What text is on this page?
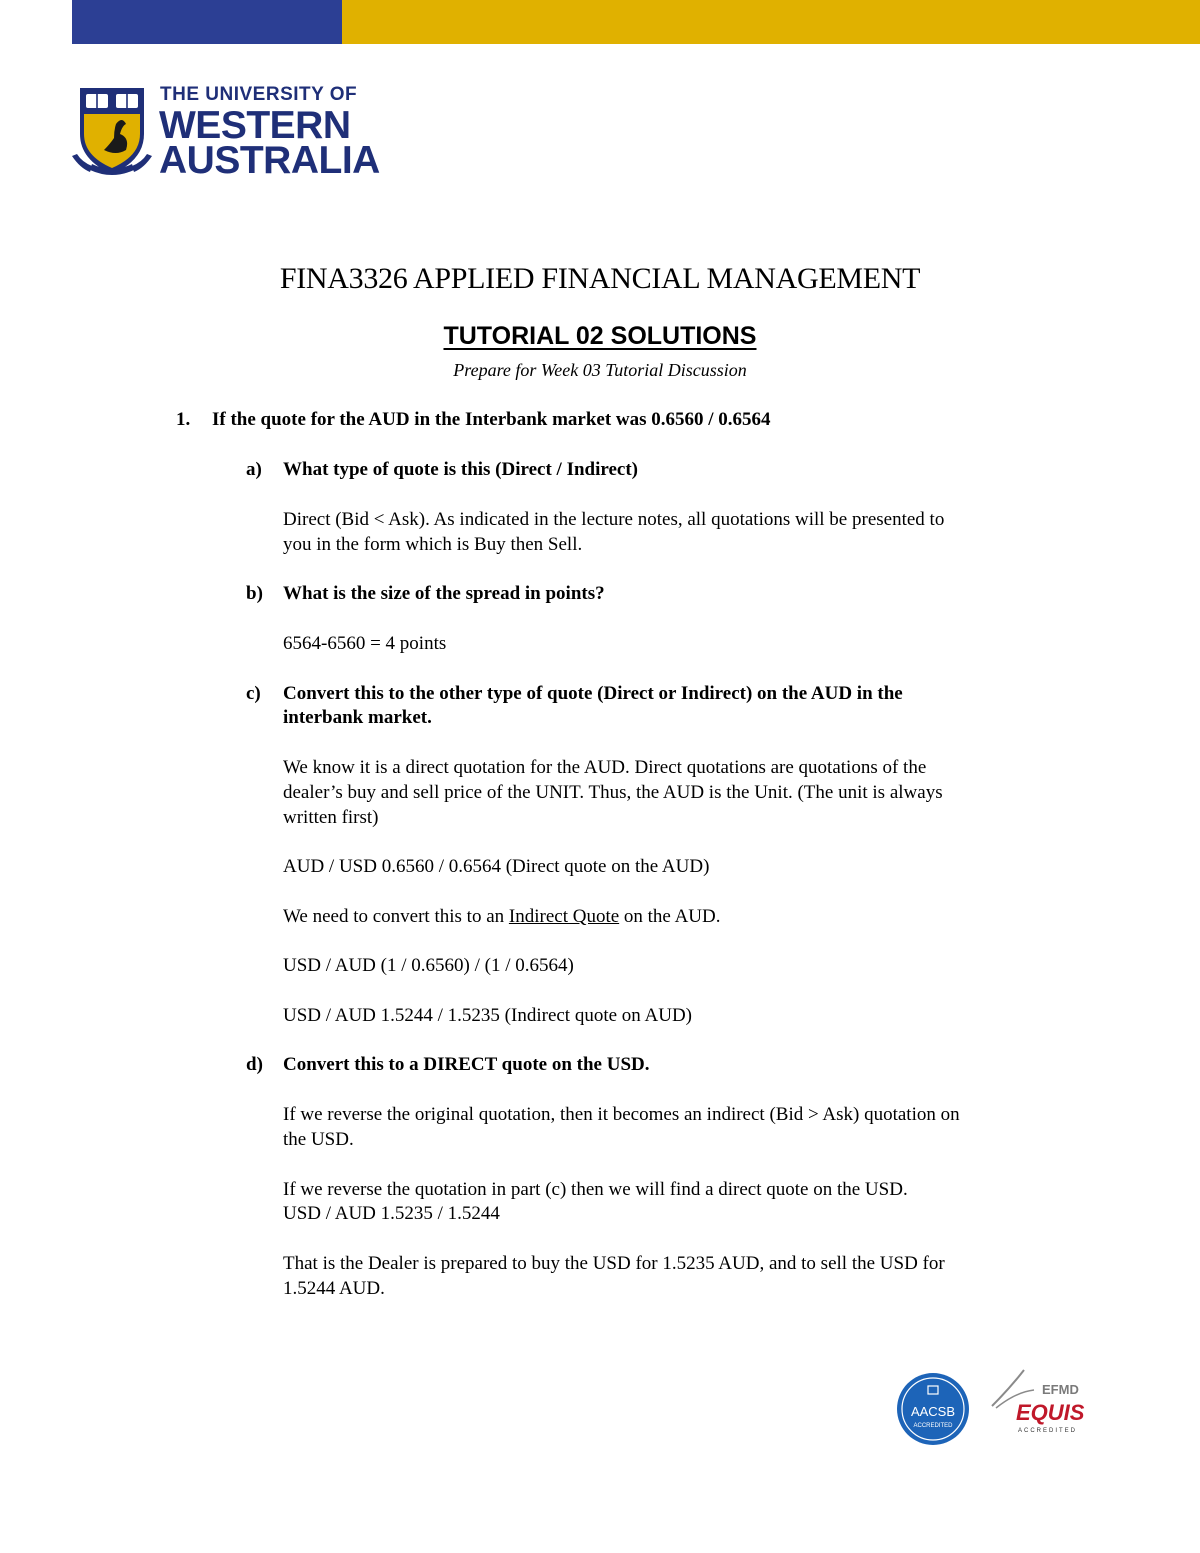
THE UNIVERSITY OF
WESTERN
AUSTRALIA
FINA3326 APPLIED FINANCIAL MANAGEMENT
TUTORIAL 02 SOLUTIONS
Prepare for Week 03 Tutorial Discussion
1. If the quote for the AUD in the Interbank market was 0.6560 / 0.6564
a) What type of quote is this (Direct / Indirect)
Direct (Bid < Ask). As indicated in the lecture notes, all quotations will be presented to
you in the form which is Buy then Sell.
b) What is the size of the spread in points?
6564-6560 = 4 points
c) Convert this to the other type of quote (Direct or Indirect) on the AUD in the
interbank market.
We know it is a direct quotation for the AUD. Direct quotations are quotations of the
dealer’s buy and sell price of the UNIT. Thus, the AUD is the Unit. (The unit is always
written first)
AUD / USD 0.6560 / 0.6564 (Direct quote on the AUD)
We need to convert this to an Indirect Quote on the AUD.
USD / AUD (1 / 0.6560) / (1 / 0.6564)
USD / AUD 1.5244 / 1.5235 (Indirect quote on AUD)
d) Convert this to a DIRECT quote on the USD.
If we reverse the original quotation, then it becomes an indirect (Bid > Ask) quotation on
the USD.
If we reverse the quotation in part (c) then we will find a direct quote on the USD.
USD / AUD 1.5235 / 1.5244
That is the Dealer is prepared to buy the USD for 1.5235 AUD, and to sell the USD for
1.5244 AUD.
AACSB
ACCREDITED
EFMD
EQUIS
ACCREDITED
